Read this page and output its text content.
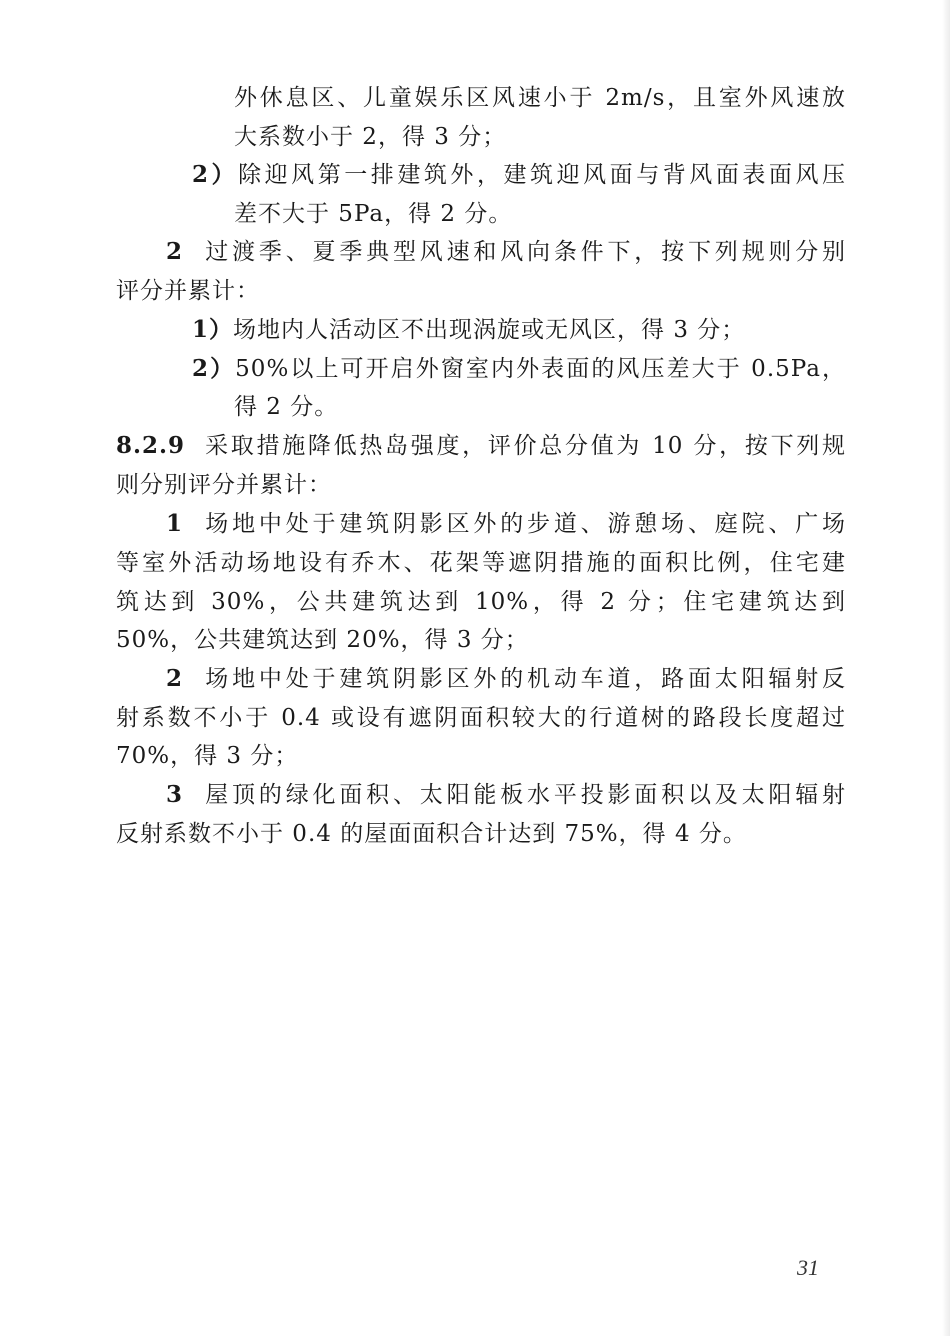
外休息区、儿童娱乐区风速小于 2m/s，且室外风速放
大系数小于 2，得 3 分；
2）除迎风第一排建筑外，建筑迎风面与背风面表面风压
差不大于 5Pa，得 2 分。
2 过渡季、夏季典型风速和风向条件下，按下列规则分别
评分并累计：
1）场地内人活动区不出现涡旋或无风区，得 3 分；
2）50%以上可开启外窗室内外表面的风压差大于 0.5Pa，
得 2 分。
8.2.9 采取措施降低热岛强度，评价总分值为 10 分，按下列规
则分别评分并累计：
1 场地中处于建筑阴影区外的步道、游憩场、庭院、广场
等室外活动场地设有乔木、花架等遮阴措施的面积比例，住宅建
筑达到 30%，公共建筑达到 10%，得 2 分；住宅建筑达到
50%，公共建筑达到 20%，得 3 分；
2 场地中处于建筑阴影区外的机动车道，路面太阳辐射反
射系数不小于 0.4 或设有遮阴面积较大的行道树的路段长度超过
70%，得 3 分；
3 屋顶的绿化面积、太阳能板水平投影面积以及太阳辐射
反射系数不小于 0.4 的屋面面积合计达到 75%，得 4 分。
31
